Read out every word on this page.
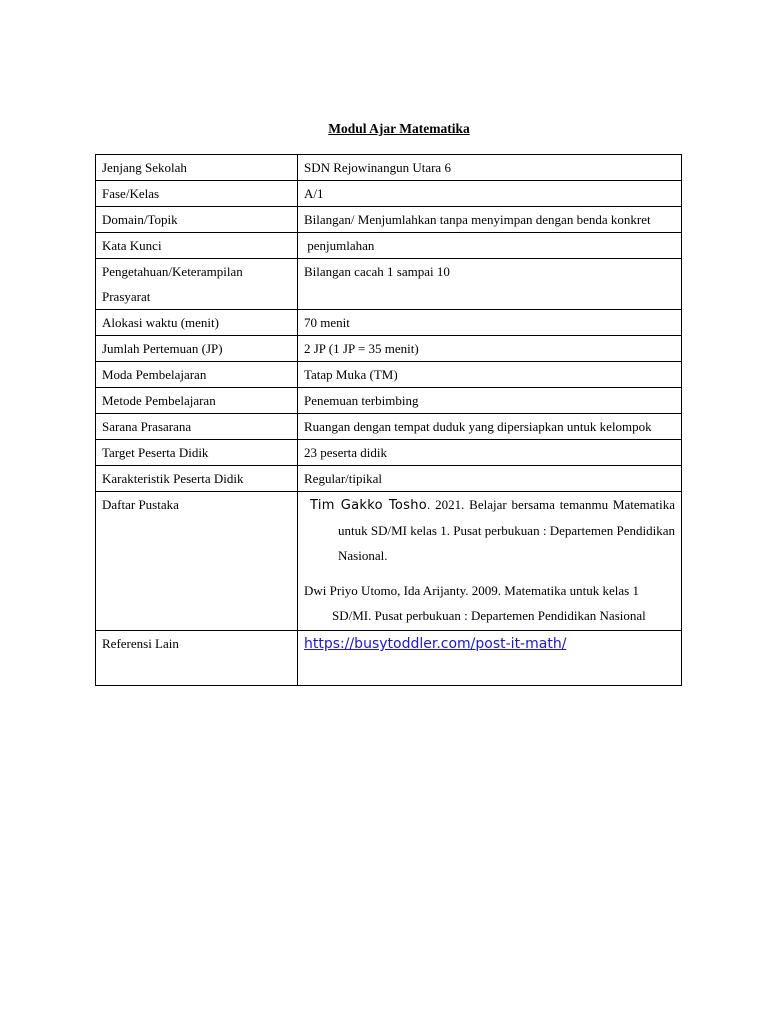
Modul Ajar Matematika
Jenjang Sekolah	SDN Rejowinangun Utara 6
Fase/Kelas	A/1
Domain/Topik	Bilangan/ Menjumlahkan tanpa menyimpan dengan benda konkret
Kata Kunci	penjumlahan
Pengetahuan/Keterampilan Prasyarat	Bilangan cacah 1 sampai 10
Alokasi waktu (menit)	70 menit
Jumlah Pertemuan (JP)	2 JP (1 JP = 35 menit)
Moda Pembelajaran	Tatap Muka (TM)
Metode Pembelajaran	Penemuan terbimbing
Sarana Prasarana	Ruangan dengan tempat duduk yang dipersiapkan untuk kelompok

Target Peserta Didik	23 peserta didik
Karakteristik Peserta Didik	Regular/tipikal
Daftar Pustaka	Tim Gakko Tosho. 2021. Belajar bersama temanmu Matematika untuk SD/MI kelas 1. Pusat perbukuan : Departemen Pendidikan Nasional.
Dwi Priyo Utomo, Ida Arijanty. 2009. Matematika untuk kelas 1 SD/MI. Pusat perbukuan : Departemen Pendidikan Nasional

Referensi Lain	https://busytoddler.com/post-it-math/
